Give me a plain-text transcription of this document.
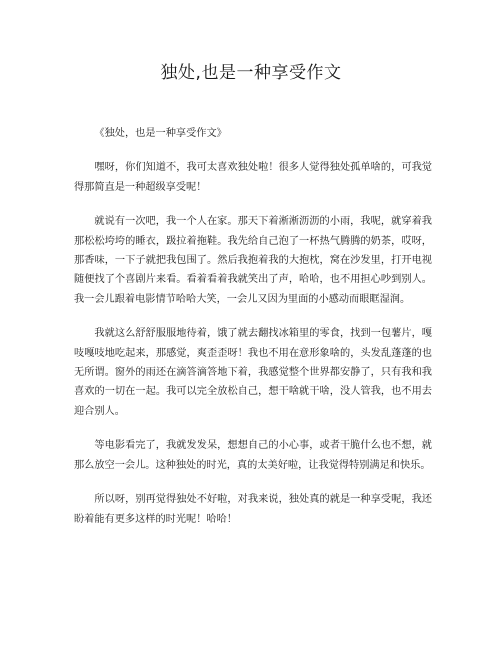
独处,也是一种享受作文

《独处，也是一种享受作文》

嘿呀，你们知道不，我可太喜欢独处啦！很多人觉得独处孤单啥的，可我觉得那简直是一种超级享受呢！

就说有一次吧，我一个人在家。那天下着淅淅沥沥的小雨，我呢，就穿着我那松松垮垮的睡衣，趿拉着拖鞋。我先给自己泡了一杯热气腾腾的奶茶，哎呀，那香味，一下子就把我包围了。然后我抱着我的大抱枕，窝在沙发里，打开电视随便找了个喜剧片来看。看着看着我就笑出了声，哈哈，也不用担心吵到别人。我一会儿跟着电影情节哈哈大笑，一会儿又因为里面的小感动而眼眶湿润。

我就这么舒舒服服地待着，饿了就去翻找冰箱里的零食，找到一包薯片，嘎吱嘎吱地吃起来，那感觉，爽歪歪呀！我也不用在意形象啥的，头发乱蓬蓬的也无所谓。窗外的雨还在滴答滴答地下着，我感觉整个世界都安静了，只有我和我喜欢的一切在一起。我可以完全放松自己，想干啥就干啥，没人管我，也不用去迎合别人。

等电影看完了，我就发发呆，想想自己的小心事，或者干脆什么也不想，就那么放空一会儿。这种独处的时光，真的太美好啦，让我觉得特别满足和快乐。

所以呀，别再觉得独处不好啦，对我来说，独处真的就是一种享受呢，我还盼着能有更多这样的时光呢！哈哈！
